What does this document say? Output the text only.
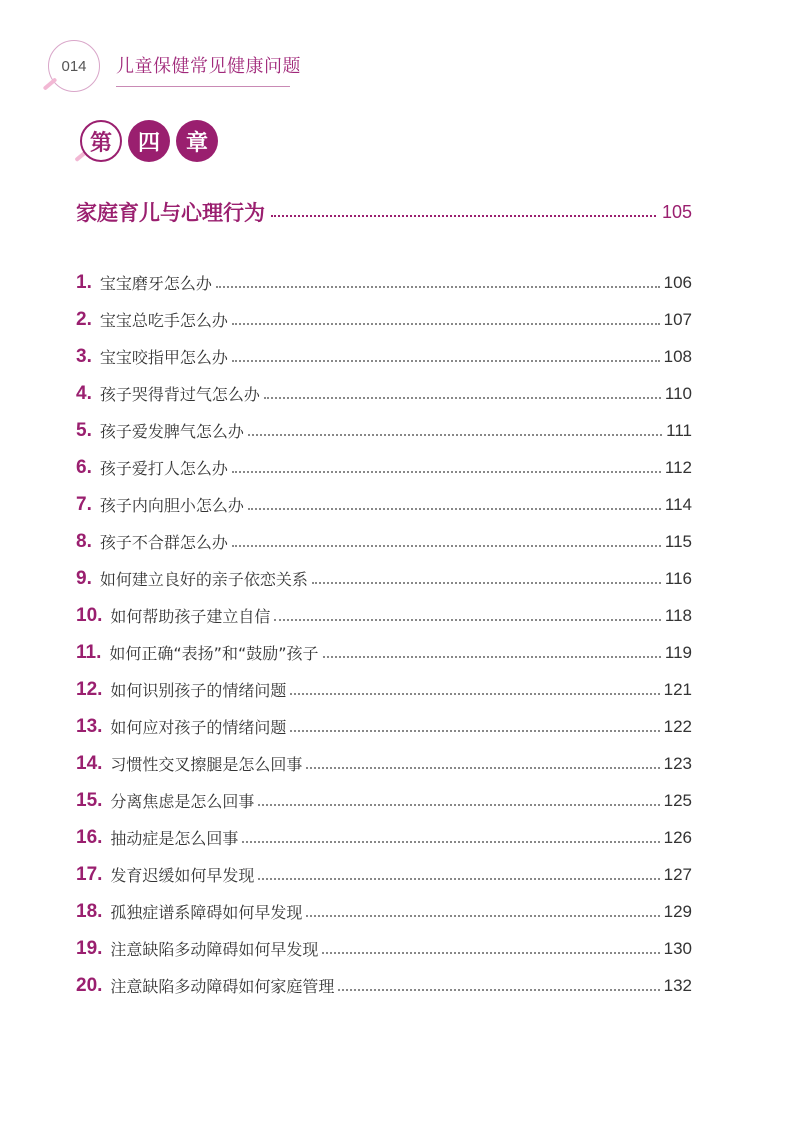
014	儿童保健常见健康问题
第	四	章
家庭育儿与心理行为	105
1. 宝宝磨牙怎么办	106
2. 宝宝总吃手怎么办	107
3. 宝宝咬指甲怎么办	108
4. 孩子哭得背过气怎么办	110
5. 孩子爱发脾气怎么办	111
6. 孩子爱打人怎么办	112
7. 孩子内向胆小怎么办	114
8. 孩子不合群怎么办	115
9. 如何建立良好的亲子依恋关系	116
10. 如何帮助孩子建立自信	118
11. 如何正确“表扬”和“鼓励”孩子	119
12. 如何识别孩子的情绪问题	121
13. 如何应对孩子的情绪问题	122
14. 习惯性交叉擦腿是怎么回事	123
15. 分离焦虑是怎么回事	125
16. 抽动症是怎么回事	126
17. 发育迟缓如何早发现	127
18. 孤独症谱系障碍如何早发现	129
19. 注意缺陷多动障碍如何早发现	130
20. 注意缺陷多动障碍如何家庭管理	132
